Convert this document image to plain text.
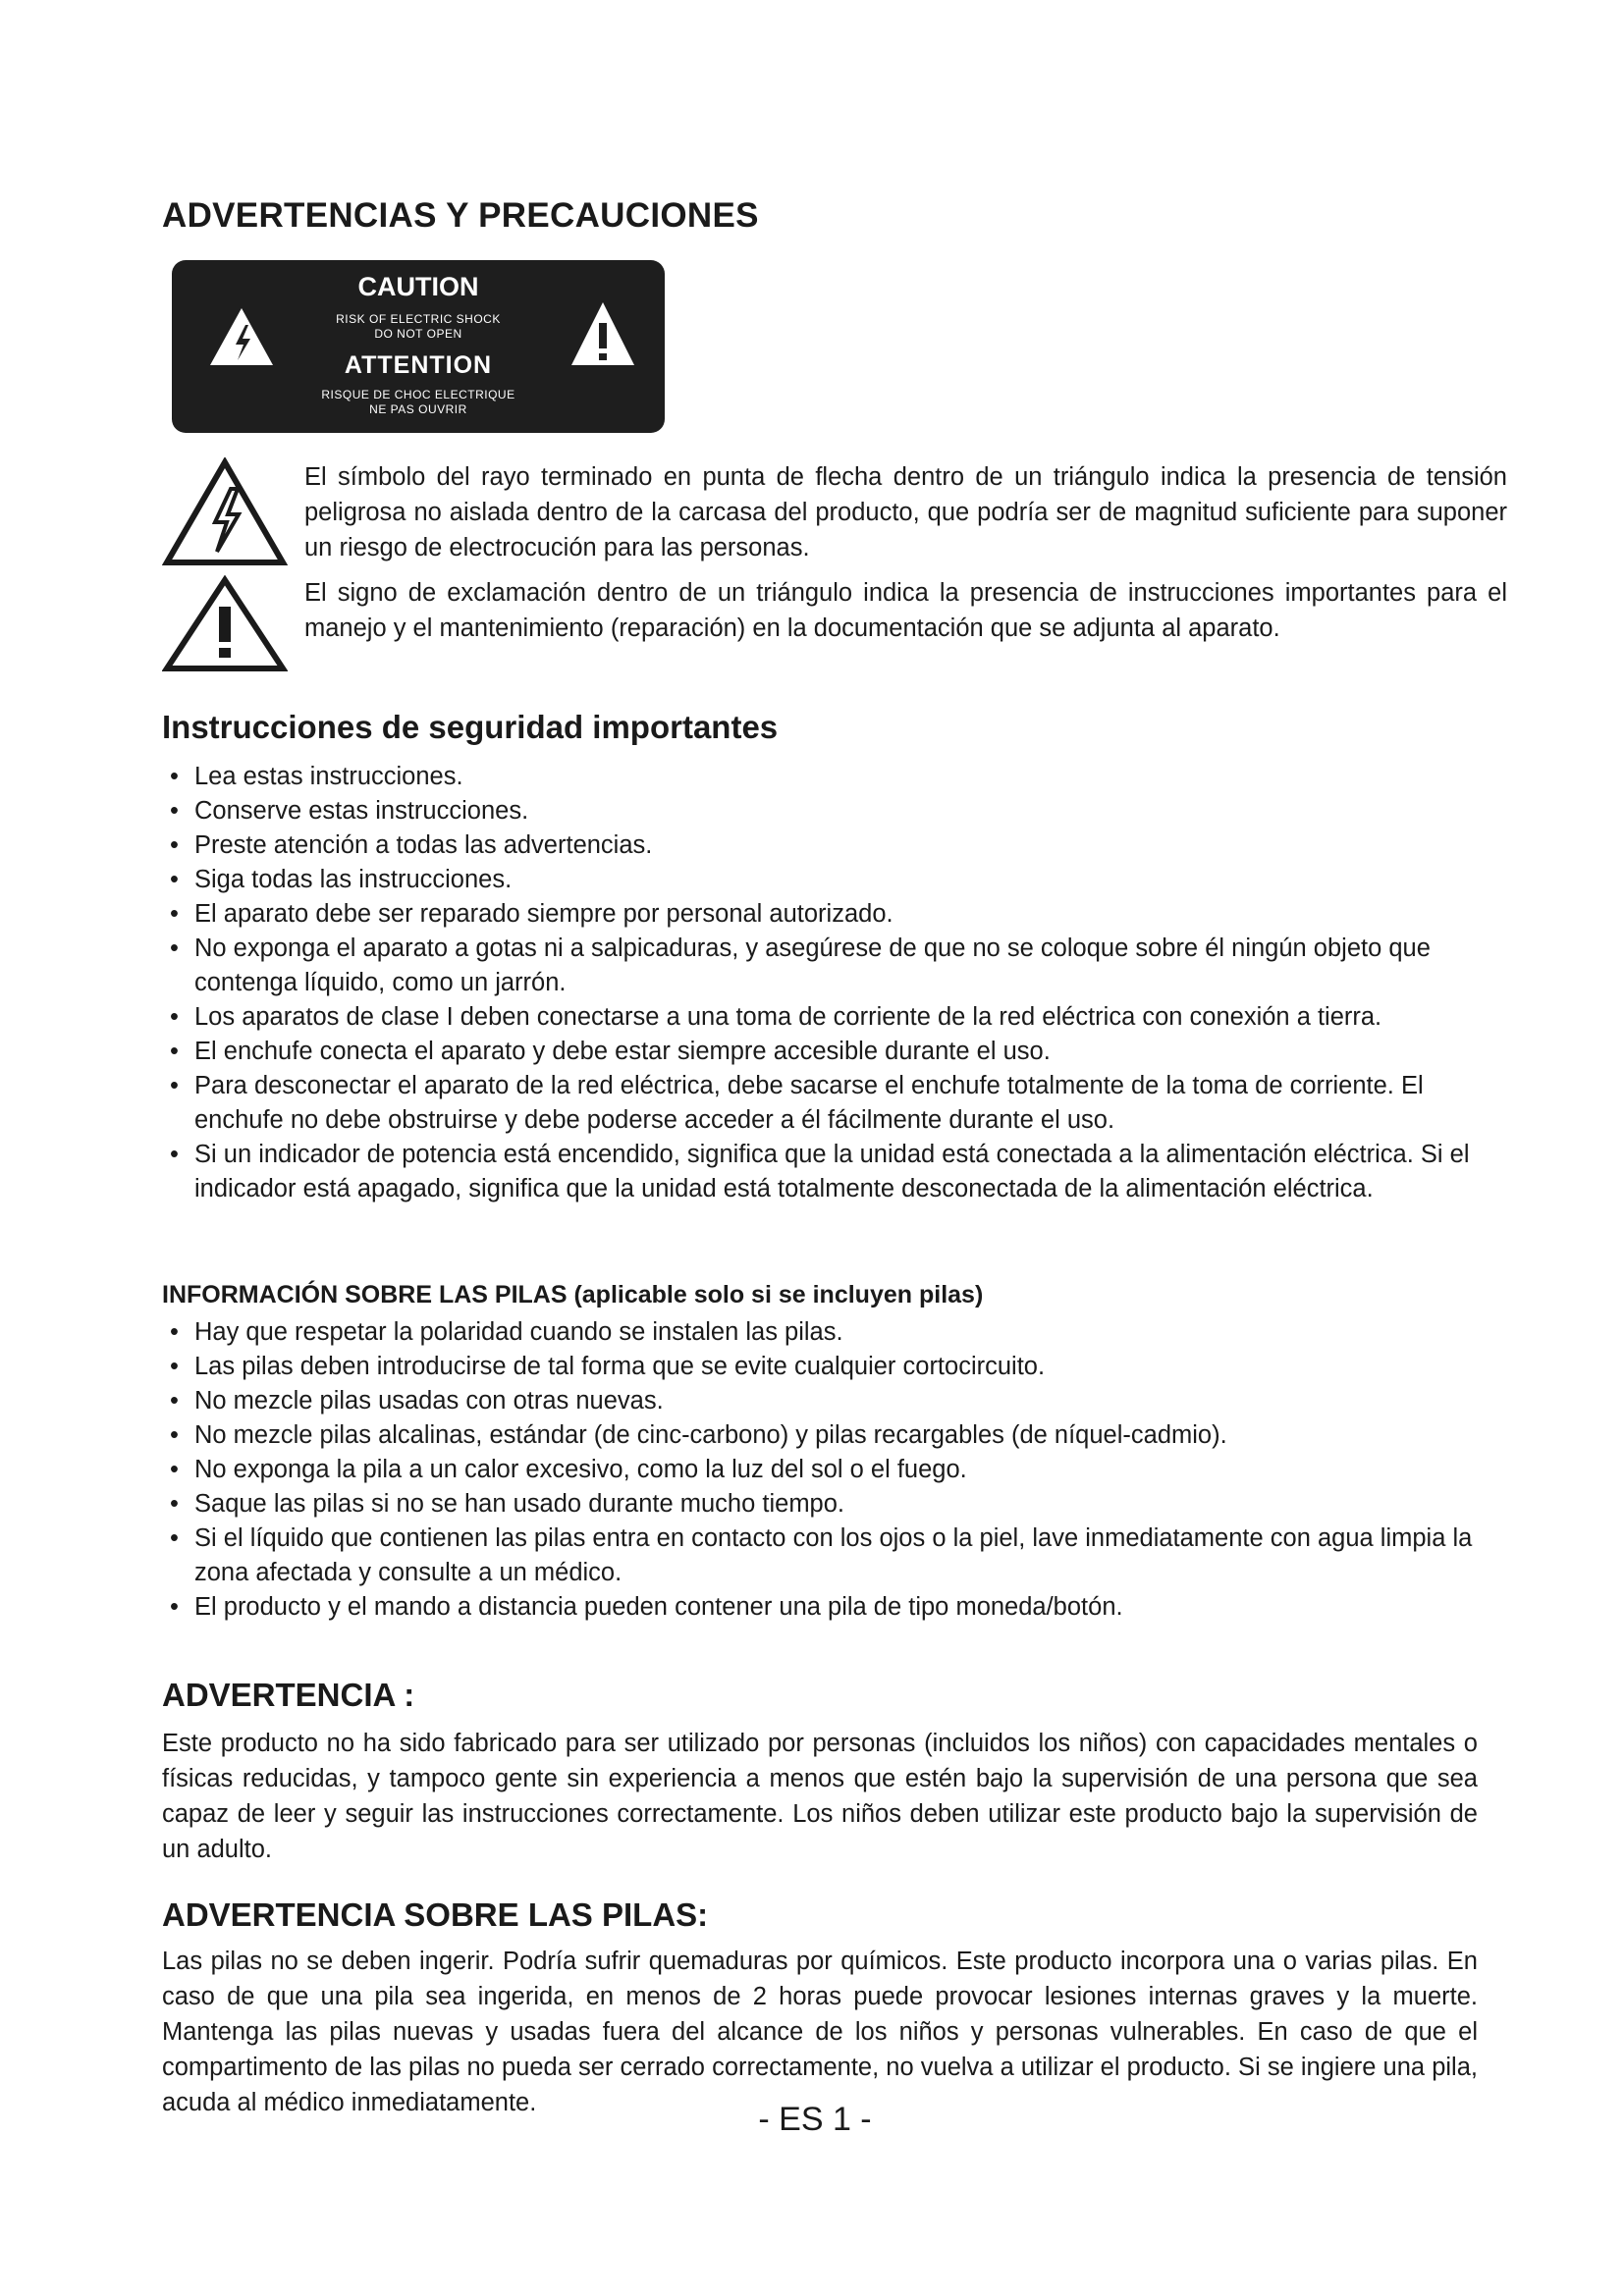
ADVERTENCIAS Y PRECAUCIONES
CAUTION
RISK OF ELECTRIC SHOCK
DO NOT OPEN
ATTENTION
RISQUE DE CHOC ELECTRIQUE
NE PAS OUVRIR
El símbolo del rayo terminado en punta de flecha dentro de un triángulo indica la presencia de tensión peligrosa no aislada dentro de la carcasa del producto, que podría ser de magnitud suficiente para suponer un riesgo de electrocución para las personas.
El signo de exclamación dentro de un triángulo indica la presencia de instrucciones importantes para el manejo y el mantenimiento (reparación) en la documentación que se adjunta al aparato.
Instrucciones de seguridad importantes
• Lea estas instrucciones.
• Conserve estas instrucciones.
• Preste atención a todas las advertencias.
• Siga todas las instrucciones.
• El aparato debe ser reparado siempre por personal autorizado.
• No exponga el aparato a gotas ni a salpicaduras, y asegúrese de que no se coloque sobre él ningún objeto que contenga líquido, como un jarrón.
• Los aparatos de clase I deben conectarse a una toma de corriente de la red eléctrica con conexión a tierra.
• El enchufe conecta el aparato y debe estar siempre accesible durante el uso.
• Para desconectar el aparato de la red eléctrica, debe sacarse el enchufe totalmente de la toma de corriente. El enchufe no debe obstruirse y debe poderse acceder a él fácilmente durante el uso.
• Si un indicador de potencia está encendido, significa que la unidad está conectada a la alimentación eléctrica. Si el indicador está apagado, significa que la unidad está totalmente desconectada de la alimentación eléctrica.
INFORMACIÓN SOBRE LAS PILAS (aplicable solo si se incluyen pilas)
• Hay que respetar la polaridad cuando se instalen las pilas.
• Las pilas deben introducirse de tal forma que se evite cualquier cortocircuito.
• No mezcle pilas usadas con otras nuevas.
• No mezcle pilas alcalinas, estándar (de cinc-carbono) y pilas recargables (de níquel-cadmio).
• No exponga la pila a un calor excesivo, como la luz del sol o el fuego.
• Saque las pilas si no se han usado durante mucho tiempo.
• Si el líquido que contienen las pilas entra en contacto con los ojos o la piel, lave inmediatamente con agua limpia la zona afectada y consulte a un médico.
• El producto y el mando a distancia pueden contener una pila de tipo moneda/botón.
ADVERTENCIA :
Este producto no ha sido fabricado para ser utilizado por personas (incluidos los niños) con capacidades mentales o físicas reducidas, y tampoco gente sin experiencia a menos que estén bajo la supervisión de una persona que sea capaz de leer y seguir las instrucciones correctamente. Los niños deben utilizar este producto bajo la supervisión de un adulto.
ADVERTENCIA SOBRE LAS PILAS:
Las pilas no se deben ingerir. Podría sufrir quemaduras por químicos. Este producto incorpora una o varias pilas. En caso de que una pila sea ingerida, en menos de 2 horas puede provocar lesiones internas graves y la muerte. Mantenga las pilas nuevas y usadas fuera del alcance de los niños y personas vulnerables. En caso de que el compartimento de las pilas no pueda ser cerrado correctamente, no vuelva a utilizar el producto. Si se ingiere una pila, acuda al médico inmediatamente.	- ES 1 -
